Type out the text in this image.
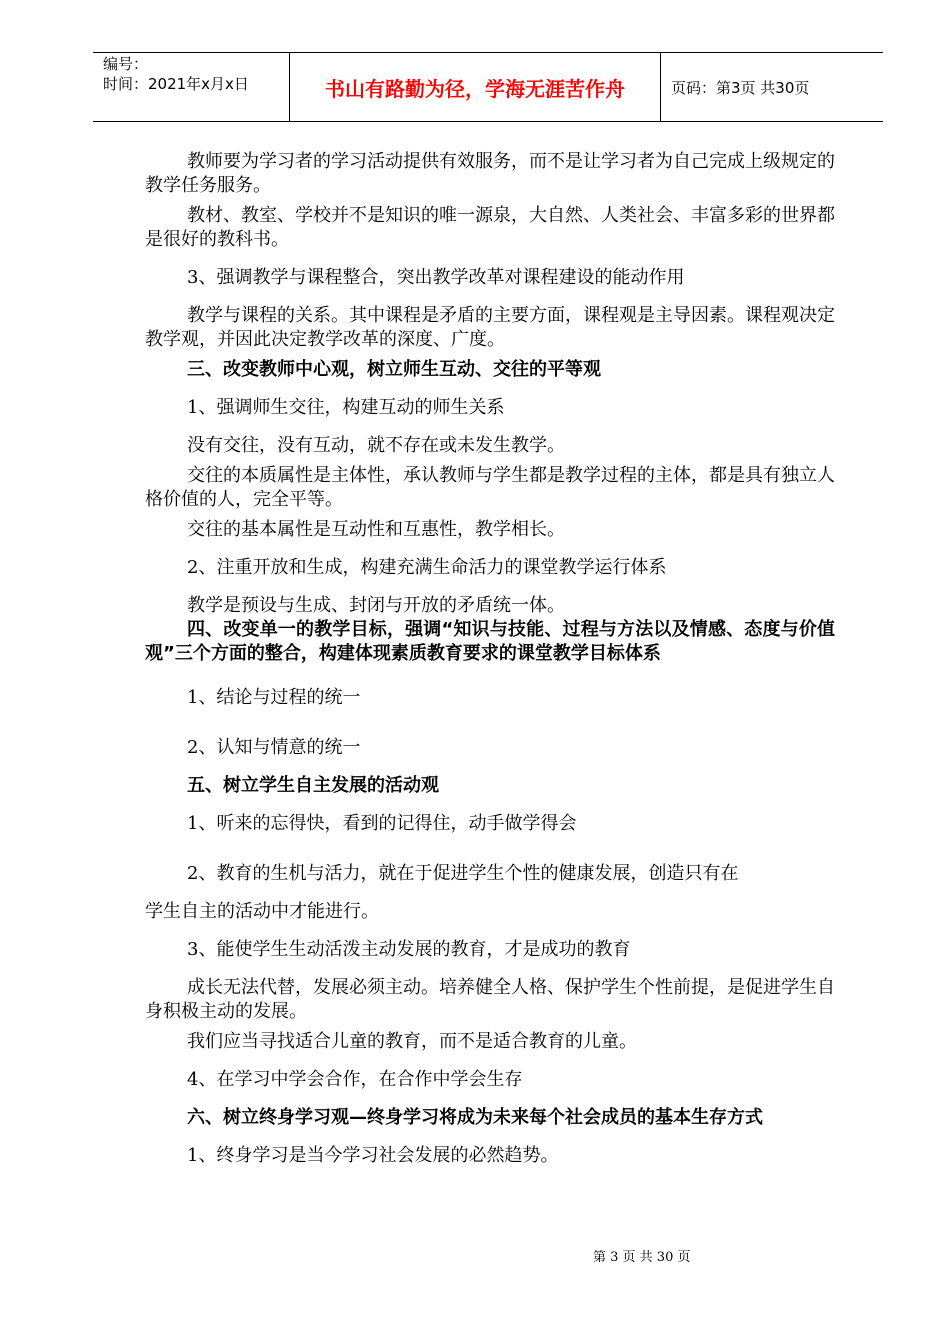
编号：
时间：2021年x月x日	书山有路勤为径，学海无涯苦作舟	页码：第3页 共30页

教师要为学习者的学习活动提供有效服务，而不是让学习者为自己完成上级规定的教学任务服务。

教材、教室、学校并不是知识的唯一源泉，大自然、人类社会、丰富多彩的世界都是很好的教科书。

3、强调教学与课程整合，突出教学改革对课程建设的能动作用

教学与课程的关系。其中课程是矛盾的主要方面，课程观是主导因素。课程观决定教学观，并因此决定教学改革的深度、广度。

三、改变教师中心观，树立师生互动、交往的平等观

1、强调师生交往，构建互动的师生关系

没有交往，没有互动，就不存在或未发生教学。

交往的本质属性是主体性，承认教师与学生都是教学过程的主体，都是具有独立人格价值的人，完全平等。

交往的基本属性是互动性和互惠性，教学相长。

2、注重开放和生成，构建充满生命活力的课堂教学运行体系

教学是预设与生成、封闭与开放的矛盾统一体。

四、改变单一的教学目标，强调“知识与技能、过程与方法以及情感、态度与价值观”三个方面的整合，构建体现素质教育要求的课堂教学目标体系

1、结论与过程的统一

2、认知与情意的统一

五、树立学生自主发展的活动观

1、听来的忘得快，看到的记得住，动手做学得会

2、教育的生机与活力，就在于促进学生个性的健康发展，创造只有在

学生自主的活动中才能进行。

3、能使学生生动活泼主动发展的教育，才是成功的教育

成长无法代替，发展必须主动。培养健全人格、保护学生个性前提，是促进学生自身积极主动的发展。

我们应当寻找适合儿童的教育，而不是适合教育的儿童。

4、在学习中学会合作，在合作中学会生存

六、树立终身学习观—终身学习将成为未来每个社会成员的基本生存方式

1、终身学习是当今学习社会发展的必然趋势。

第 3 页 共 30 页
